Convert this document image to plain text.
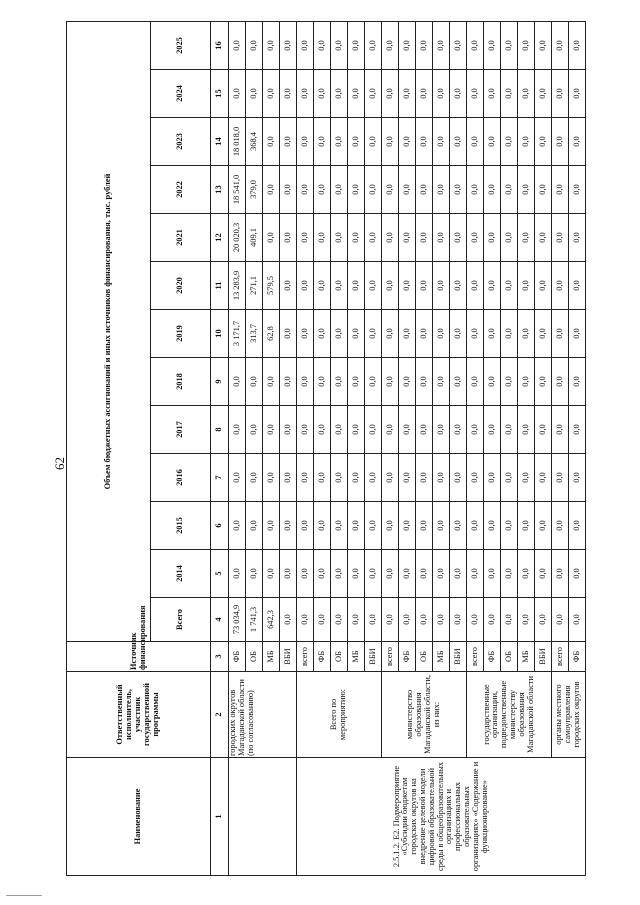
62
Наименование	Ответственный исполнитель, участник государственной программы	Источник финансирования	Объем бюджетных ассигнований и иных источников финансирования, тыс. рублей												
			Всего	2014	2015	2016	2017	2018	2019	2020	2021	2022	2023	2024	2025
1	2	3	4	5	6	7	8	9	10	11	12	13	14	15	16
	городских округов Магаданской области (по согласованию)	ФБ	73 034,9	0,0	0,0	0,0	0,0	0,0	3 171,7	13 283,9	20 020,3	18 541,0	18 018,0	0,0	0,0
		ОБ	1 741,3	0,0	0,0	0,0	0,0	0,0	313,7	271,1	409,1	379,0	368,4	0,0	0,0
		МБ	642,3	0,0	0,0	0,0	0,0	0,0	62,8	579,5	0,0	0,0	0,0	0,0	0,0
		ВБИ	0,0	0,0	0,0	0,0	0,0	0,0	0,0	0,0	0,0	0,0	0,0	0,0	0,0
2.5.1.2. Е2. Подмероприятие «Субсидии бюджетам городских округов на внедрение целевой модели цифровой образовательной среды в общеобразовательных организациях и профессиональных образовательных организациях» «Содержание и функционирование»	Всего по мероприятию:	всего	0,0	0,0	0,0	0,0	0,0	0,0	0,0	0,0	0,0	0,0	0,0	0,0	0,0
		ФБ	0,0	0,0	0,0	0,0	0,0	0,0	0,0	0,0	0,0	0,0	0,0	0,0	0,0
		ОБ	0,0	0,0	0,0	0,0	0,0	0,0	0,0	0,0	0,0	0,0	0,0	0,0	0,0
		МБ	0,0	0,0	0,0	0,0	0,0	0,0	0,0	0,0	0,0	0,0	0,0	0,0	0,0
		ВБИ	0,0	0,0	0,0	0,0	0,0	0,0	0,0	0,0	0,0	0,0	0,0	0,0	0,0
	министерство образования Магаданской области, из них:	всего	0,0	0,0	0,0	0,0	0,0	0,0	0,0	0,0	0,0	0,0	0,0	0,0	0,0
		ФБ	0,0	0,0	0,0	0,0	0,0	0,0	0,0	0,0	0,0	0,0	0,0	0,0	0,0
		ОБ	0,0	0,0	0,0	0,0	0,0	0,0	0,0	0,0	0,0	0,0	0,0	0,0	0,0
		МБ	0,0	0,0	0,0	0,0	0,0	0,0	0,0	0,0	0,0	0,0	0,0	0,0	0,0
		ВБИ	0,0	0,0	0,0	0,0	0,0	0,0	0,0	0,0	0,0	0,0	0,0	0,0	0,0
	государственные организации, подведомственные министерству образования Магаданской области	всего	0,0	0,0	0,0	0,0	0,0	0,0	0,0	0,0	0,0	0,0	0,0	0,0	0,0
		ФБ	0,0	0,0	0,0	0,0	0,0	0,0	0,0	0,0	0,0	0,0	0,0	0,0	0,0
		ОБ	0,0	0,0	0,0	0,0	0,0	0,0	0,0	0,0	0,0	0,0	0,0	0,0	0,0
		МБ	0,0	0,0	0,0	0,0	0,0	0,0	0,0	0,0	0,0	0,0	0,0	0,0	0,0
		ВБИ	0,0	0,0	0,0	0,0	0,0	0,0	0,0	0,0	0,0	0,0	0,0	0,0	0,0
	органы местного самоуправления городских округов	всего	0,0	0,0	0,0	0,0	0,0	0,0	0,0	0,0	0,0	0,0	0,0	0,0	0,0
		ФБ	0,0	0,0	0,0	0,0	0,0	0,0	0,0	0,0	0,0	0,0	0,0	0,0	0,0
